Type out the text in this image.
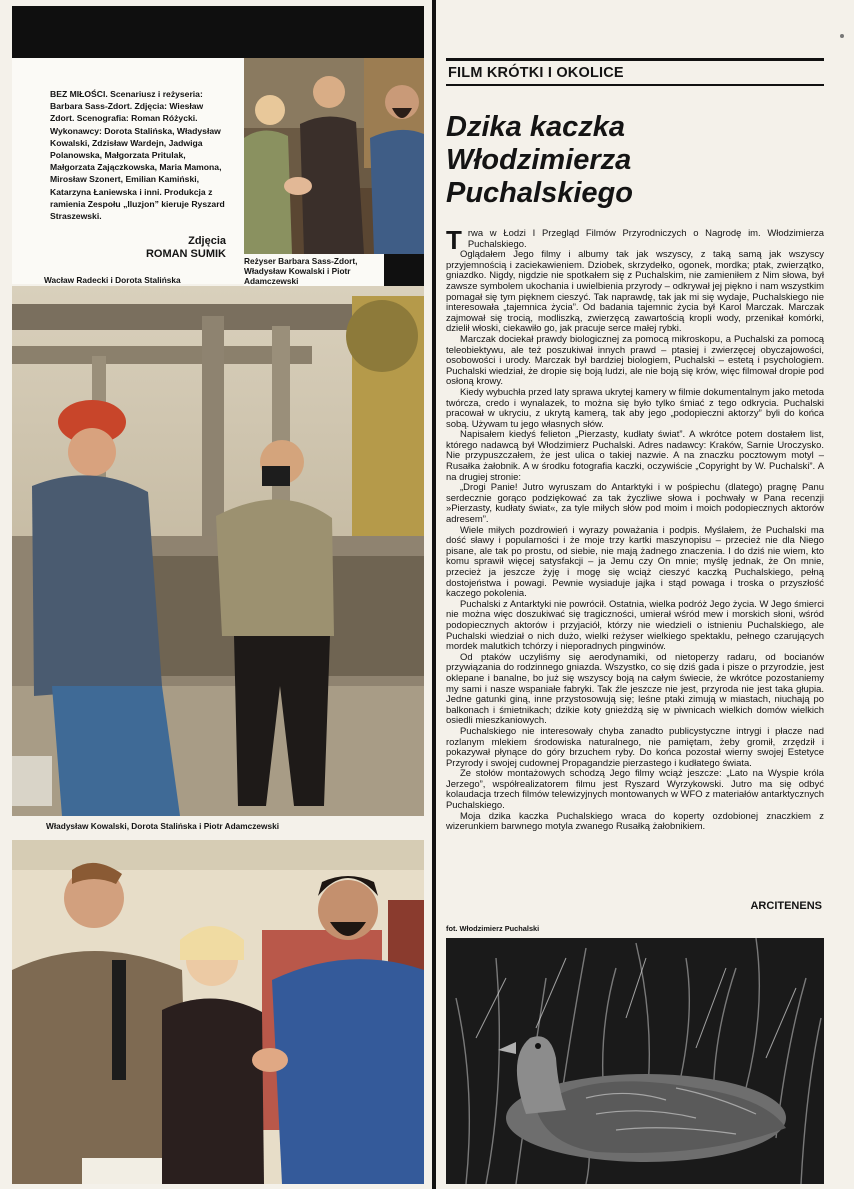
BEZ MIŁOŚCI. Scenariusz i reżyseria: Barbara Sass-Zdort. Zdjęcia: Wiesław Zdort. Scenografia: Roman Różycki. Wykonawcy: Dorota Stalińska, Władysław Kowalski, Zdzisław Wardejn, Jadwiga Polanowska, Małgorzata Pritulak, Małgorzata Zajączkowska, Maria Mamona, Mirosław Szonert, Emilian Kamiński, Katarzyna Łaniewska i inni. Produkcja z ramienia Zespołu „Iluzjon” kieruje Ryszard Straszewski.

Zdjęcia
ROMAN SUMIK
Wacław Radecki i Dorota Stalińska
Reżyser Barbara Sass-Zdort, Władysław Kowalski i Piotr Adamczewski
Władysław Kowalski, Dorota Stalińska i Piotr Adamczewski
FILM KRÓTKI I OKOLICE
Dzika kaczka
Włodzimierza
Puchalskiego

Trwa w Łodzi I Przegląd Filmów Przyrodniczych o Nagrodę im. Włodzimierza Puchalskiego.

Oglądałem Jego filmy i albumy tak jak wszyscy, z taką samą jak wszyscy przyjemnością i zaciekawieniem. Dziobek, skrzydełko, ogonek, mordka; ptak, zwierzątko, gniazdko. Nigdy, nigdzie nie spotkałem się z Puchalskim, nie zamieniłem z Nim słowa, był zawsze symbolem ukochania i uwielbienia przyrody – odkrywał jej piękno i nam wszystkim pomagał się tym pięknem cieszyć. Tak naprawdę, tak jak mi się wydaje, Puchalskiego nie interesowała „tajemnica życia”. Od badania tajemnic życia był Karol Marczak. Marczak zajmował się trocią, modliszką, zwierzęcą zawartością kropli wody, przenikał komórki, dzielił włoski, ciekawiło go, jak pracuje serce małej rybki.

Marczak dociekał prawdy biologicznej za pomocą mikroskopu, a Puchalski za pomocą teleobiektywu, ale też poszukiwał innych prawd – ptasiej i zwierzęcej obyczajowości, osobowości i urody. Marczak był bardziej biologiem, Puchalski – estetą i psychologiem. Puchalski wiedział, że dropie się boją ludzi, ale nie boją się krów, więc filmował dropie pod osłoną krowy.

Kiedy wybuchła przed laty sprawa ukrytej kamery w filmie dokumentalnym jako metoda twórcza, credo i wynalazek, to można się było tylko śmiać z tego odkrycia. Puchalski pracował w ukryciu, z ukrytą kamerą, tak aby jego „podopieczni aktorzy” byli do końca sobą. Używam tu jego własnych słów.

Napisałem kiedyś felieton „Pierzasty, kudłaty świat”. A wkrótce potem dostałem list, którego nadawcą był Włodzimierz Puchalski. Adres nadawcy: Kraków, Sarnie Uroczysko. Nie przypuszczałem, że jest ulica o takiej nazwie. A na znaczku pocztowym motyl – Rusałka żałobnik. A w środku fotografia kaczki, oczywiście „Copyright by W. Puchalski”. A na drugiej stronie:

„Drogi Panie! Jutro wyruszam do Antarktyki i w pośpiechu (dlatego) pragnę Panu serdecznie gorąco podziękować za tak życzliwe słowa i pochwały w Pana recenzji »Pierzasty, kudłaty świat«, za tyle miłych słów pod moim i moich podopiecznych aktorów adresem”.

Wiele miłych pozdrowień i wyrazy poważania i podpis. Myślałem, że Puchalski ma dość sławy i popularności i że moje trzy kartki maszynopisu – przecież nie dla Niego pisane, ale tak po prostu, od siebie, nie mają żadnego znaczenia. I do dziś nie wiem, kto komu sprawił więcej satysfakcji – ja Jemu czy On mnie; myślę jednak, że On mnie, przecież ja jeszcze żyję i mogę się wciąż cieszyć kaczką Puchalskiego, pełną dostojeństwa i powagi. Pewnie wysiaduje jajka i stąd powaga i troska o przyszłość kaczego pokolenia.

Puchalski z Antarktyki nie powrócił. Ostatnia, wielka podróż Jego życia. W Jego śmierci nie można więc doszukiwać się tragiczności, umierał wśród mew i morskich słoni, wśród podopiecznych aktorów i przyjaciół, którzy nie wiedzieli o istnieniu Puchalskiego, ale Puchalski wiedział o nich dużo, wielki reżyser wielkiego spektaklu, pełnego czarujących mordek malutkich tchórzy i nieporadnych pingwinów.

Od ptaków uczyliśmy się aerodynamiki, od nietoperzy radaru, od bocianów przywiązania do rodzinnego gniazda. Wszystko, co się dziś gada i pisze o przyrodzie, jest oklepane i banalne, bo już się wszyscy boją na całym świecie, że wkrótce pozostaniemy my sami i nasze wspaniałe fabryki. Tak źle jeszcze nie jest, przyroda nie jest taka głupia. Jedne gatunki giną, inne przystosowują się; leśne ptaki zimują w miastach, niuchają po balkonach i śmietnikach; dzikie koty gnieżdżą się w piwnicach wielkich domów wielkich osiedli mieszkaniowych.

Puchalskiego nie interesowały chyba zanadto publicystyczne intrygi i płacze nad rozlanym mlekiem środowiska naturalnego, nie pamiętam, żeby gromił, zrzędził i pokazywał płynące do góry brzuchem ryby. Do końca pozostał wierny swojej Estetyce Przyrody i swojej cudownej Propagandzie pierzastego i kudłatego świata.

Ze stołów montażowych schodzą Jego filmy wciąż jeszcze: „Lato na Wyspie króla Jerzego”, współrealizatorem filmu jest Ryszard Wyrzykowski. Jutro ma się odbyć kolaudacja trzech filmów telewizyjnych montowanych w WFO z materiałów antarktycznych Puchalskiego.

Moja dzika kaczka Puchalskiego wraca do koperty ozdobionej znaczkiem z wizerunkiem barwnego motyla zwanego Rusałką żałobnikiem.

ARCITENENS
fot. Włodzimierz Puchalski
